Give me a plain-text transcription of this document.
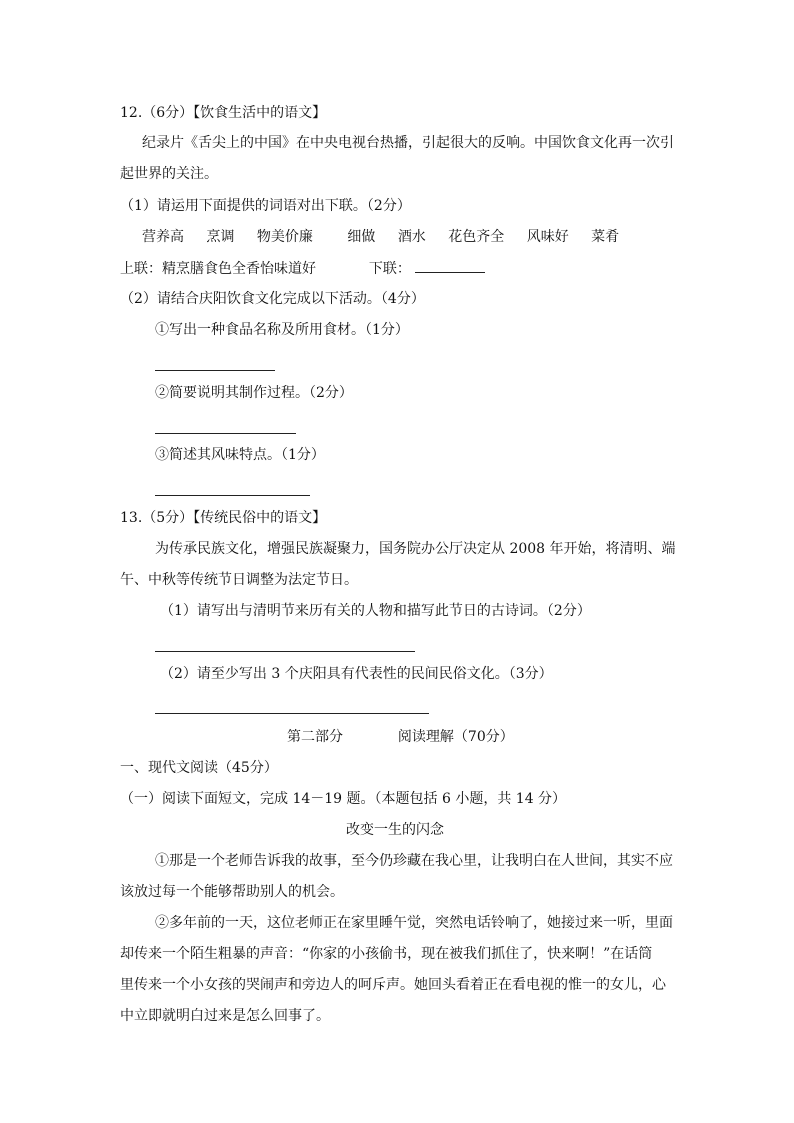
12.（6分）【饮食生活中的语文】
纪录片《舌尖上的中国》在中央电视台热播，引起很大的反响。中国饮食文化再一次引
起世界的关注。
（1）请运用下面提供的词语对出下联。（2分）
营养高 烹调 物美价廉 细做 酒水 花色齐全 风味好 菜肴
上联：精烹膳食色全香怡味道好	下联：
（2）请结合庆阳饮食文化完成以下活动。（4分）
①写出一种食品名称及所用食材。（1分）
②简要说明其制作过程。（2分）
③简述其风味特点。（1分）
13.（5分）【传统民俗中的语文】
为传承民族文化，增强民族凝聚力，国务院办公厅决定从 2008 年开始，将清明、端
午、中秋等传统节日调整为法定节日。
（1）请写出与清明节来历有关的人物和描写此节日的古诗词。（2分）
（2）请至少写出 3 个庆阳具有代表性的民间民俗文化。（3分）
第二部分	阅读理解（70分）
一、现代文阅读（45分）
（一）阅读下面短文，完成 14－19 题。（本题包括 6 小题，共 14 分）
改变一生的闪念
①那是一个老师告诉我的故事，至今仍珍藏在我心里，让我明白在人世间，其实不应
该放过每一个能够帮助别人的机会。
②多年前的一天，这位老师正在家里睡午觉，突然电话铃响了，她接过来一听，里面
却传来一个陌生粗暴的声音：“你家的小孩偷书，现在被我们抓住了，快来啊！”在话筒
里传来一个小女孩的哭闹声和旁边人的呵斥声。她回头看着正在看电视的惟一的女儿，心
中立即就明白过来是怎么回事了。
